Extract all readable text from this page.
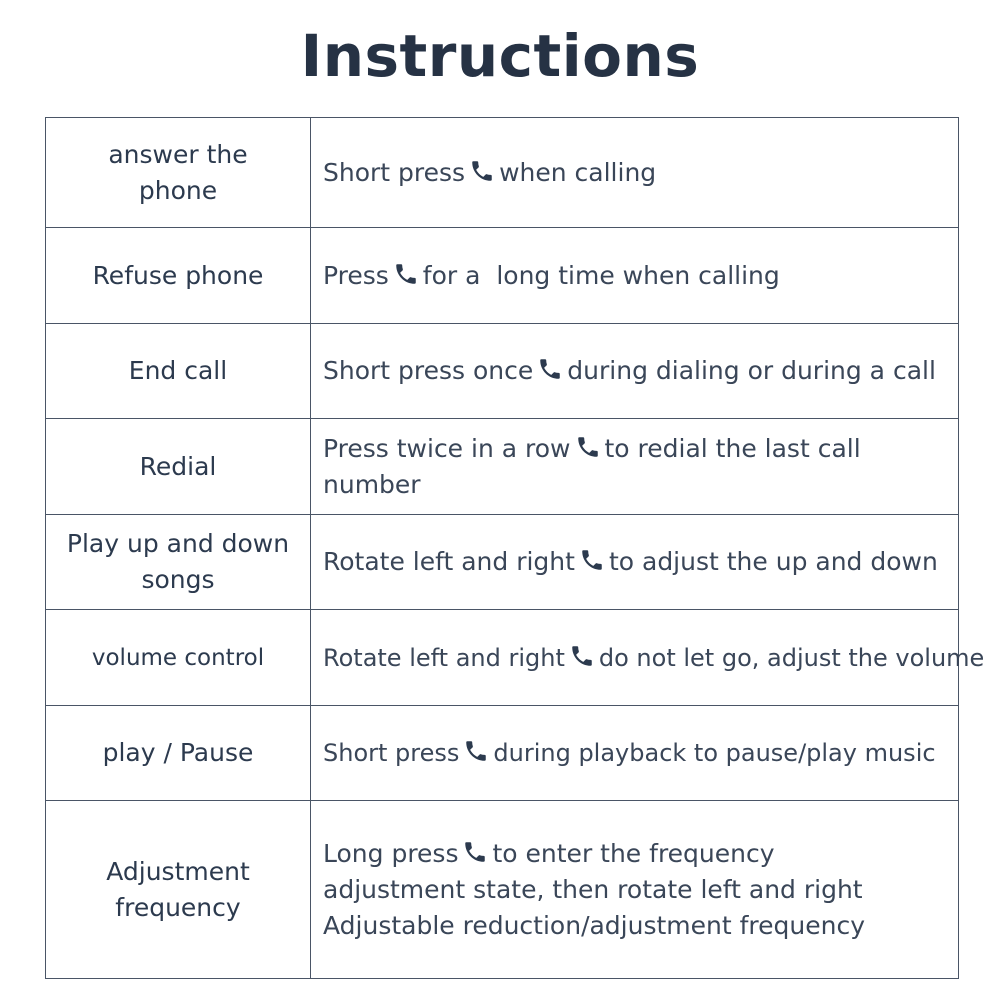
Instructions
answer the phone	Short press when calling
Refuse phone	Press for a  long time when calling
End call	Short press once during dialing or during a call
Redial	Press twice in a row to redial the last call number
Play up and down songs	Rotate left and right to adjust the up and down
volume control	Rotate left and right do not let go, adjust the volume
play / Pause	Short press during playback to pause/play music
Adjustment frequency	Long press to enter the frequency adjustment state, then rotate left and right Adjustable reduction/adjustment frequency
